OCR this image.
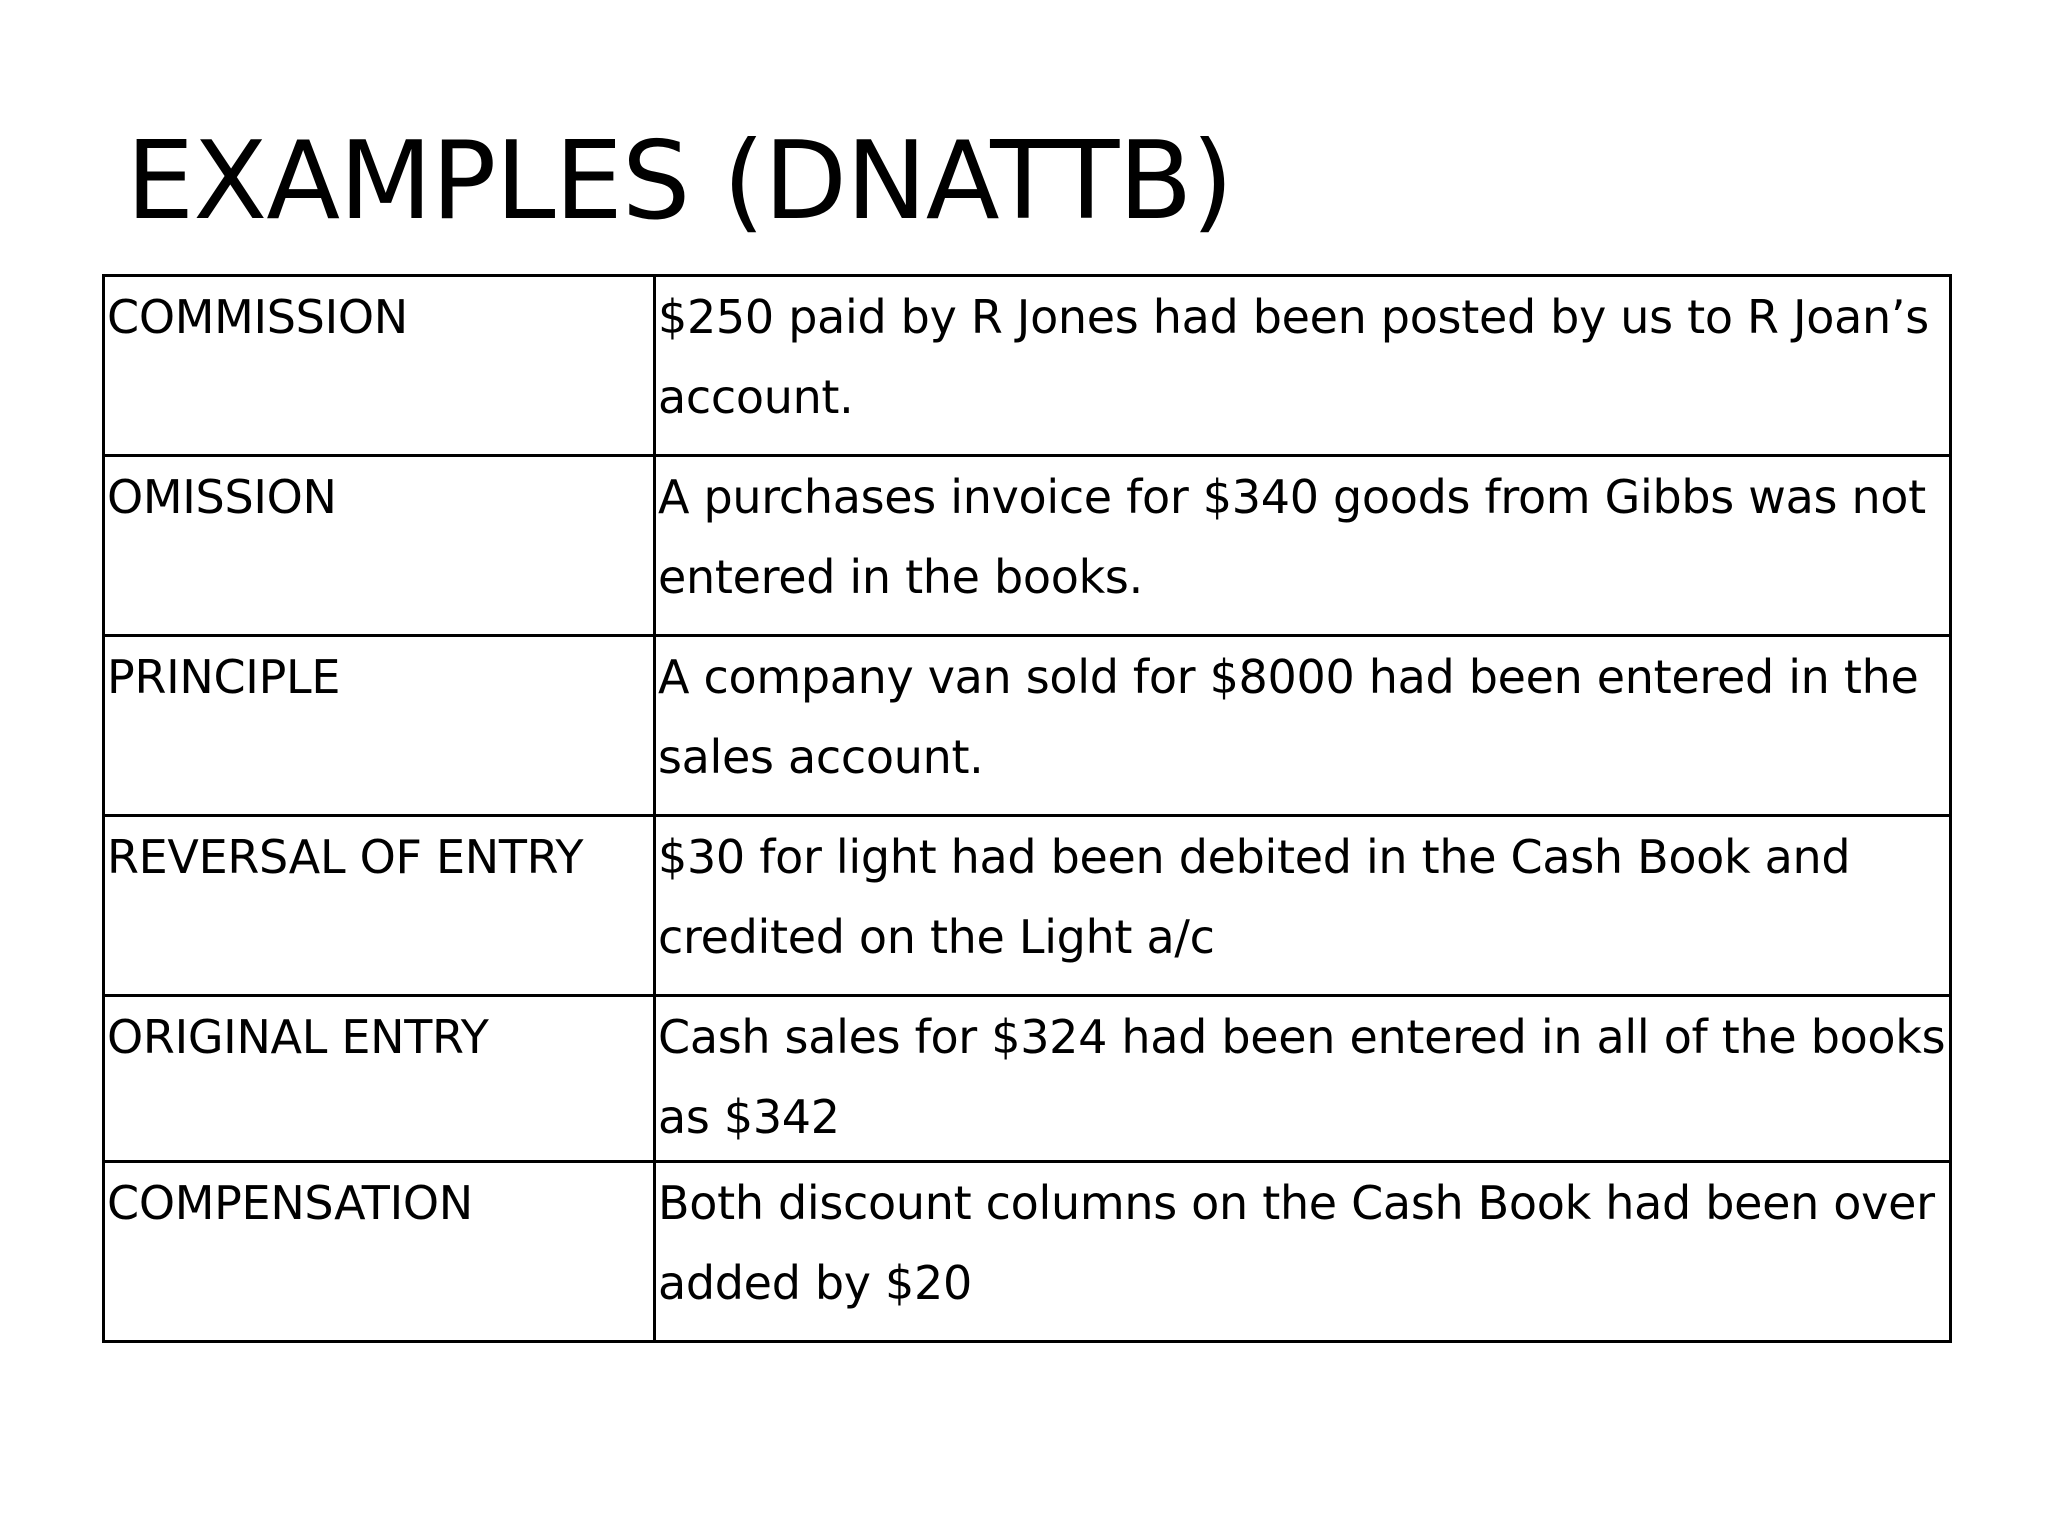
EXAMPLES (DNATTB)
COMMISSION	$250 paid by R Jones had been posted by us to R Joan’s account.
OMISSION	A purchases invoice for $340 goods from Gibbs was not entered in the books.
PRINCIPLE	A company van sold for $8000 had been entered in the sales account.
REVERSAL OF ENTRY	$30 for light had been debited in the Cash Book and credited on the Light a/c
ORIGINAL ENTRY	Cash sales for $324 had been entered in all of the books as $342
COMPENSATION	Both discount columns on the Cash Book had been over added by $20
